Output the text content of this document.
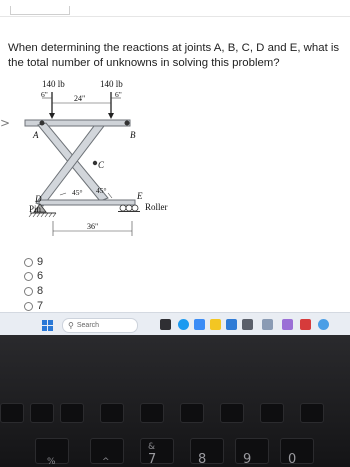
>
When determining the reactions at joints A, B, C, D and E, what is the total number of unknowns in solving this problem?
140 lb	140 lb
6"	6"
24"
A	B
C
D	E
Pin	Roller
45° 45°
36"
9
6
8
7
⚲ Search
%	^
&
7	8	9	0
